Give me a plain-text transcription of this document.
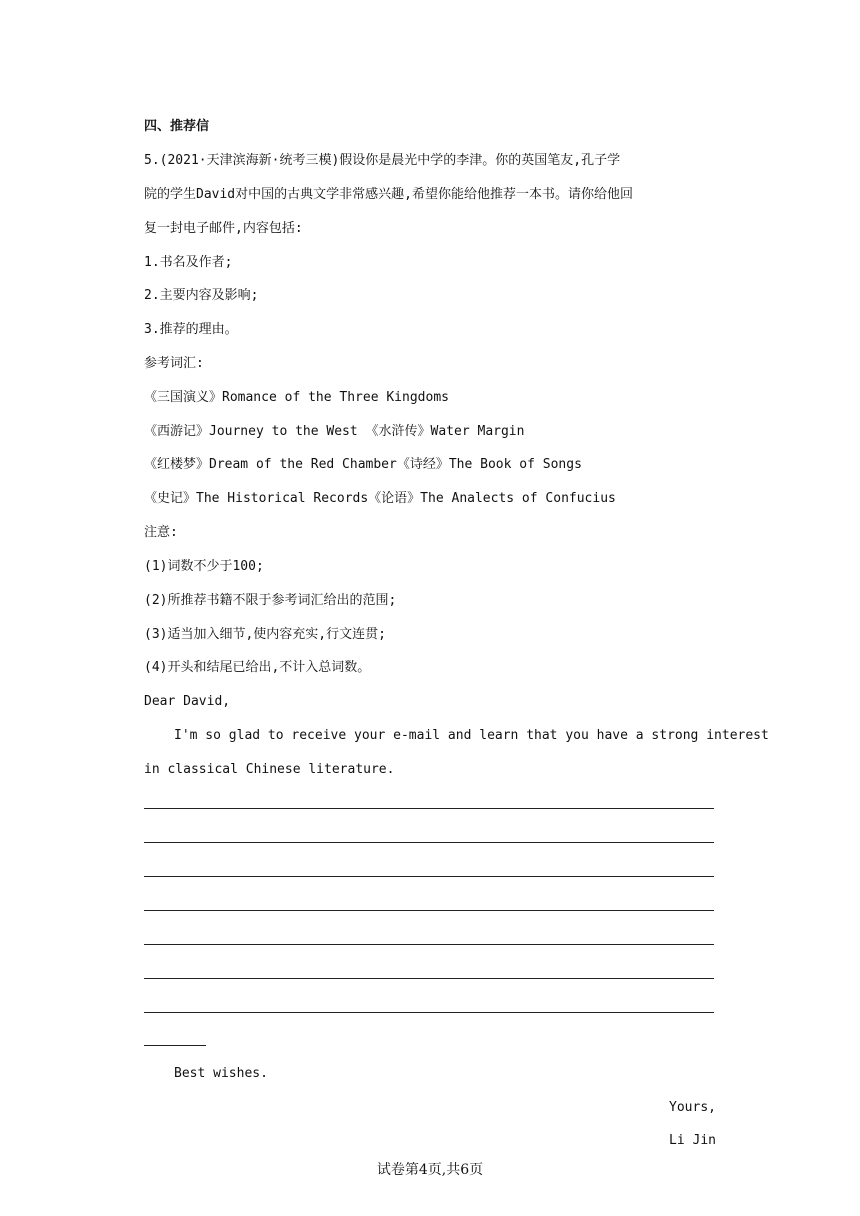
四、推荐信
5.(2021·天津滨海新·统考三模)假设你是晨光中学的李津。你的英国笔友,孔子学
院的学生David对中国的古典文学非常感兴趣,希望你能给他推荐一本书。请你给他回
复一封电子邮件,内容包括:
1.书名及作者;
2.主要内容及影响;
3.推荐的理由。
参考词汇:
《三国演义》Romance of the Three Kingdoms
《西游记》Journey to the West 《水浒传》Water Margin
《红楼梦》Dream of the Red Chamber《诗经》The Book of Songs
《史记》The Historical Records《论语》The Analects of Confucius
注意:
(1)词数不少于100;
(2)所推荐书籍不限于参考词汇给出的范围;
(3)适当加入细节,使内容充实,行文连贯;
(4)开头和结尾已给出,不计入总词数。
Dear David,
I'm so glad to receive your e-mail and learn that you have a strong interest
in classical Chinese literature.
Best wishes.
Yours,
Li Jin
试卷第4页,共6页
